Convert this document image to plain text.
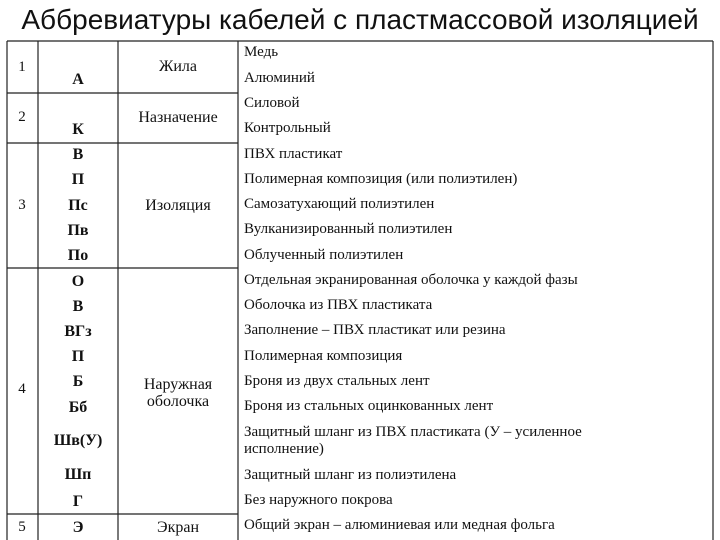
Аббревиатуры кабелей с пластмассовой изоляцией
1
2
3
4
5
Жила
Назначение
Изоляция
Наружная оболочка
Экран
А
К
В
П
Пс
Пв
По
О
В
ВГз
П
Б
Бб
Шв(У)
Шп
Г
Э
Медь
Алюминий
Силовой
Контрольный
ПВХ пластикат
Полимерная композиция (или полиэтилен)
Самозатухающий полиэтилен
Вулканизированный полиэтилен
Облученный полиэтилен
Отдельная экранированная оболочка у каждой фазы
Оболочка из ПВХ пластиката
Заполнение – ПВХ пластикат или резина
Полимерная композиция
Броня из двух стальных лент
Броня из стальных оцинкованных лент
Защитный шланг из ПВХ пластиката (У – усиленное исполнение)
Защитный шланг из полиэтилена
Без наружного покрова
Общий экран – алюминиевая или медная фольга
